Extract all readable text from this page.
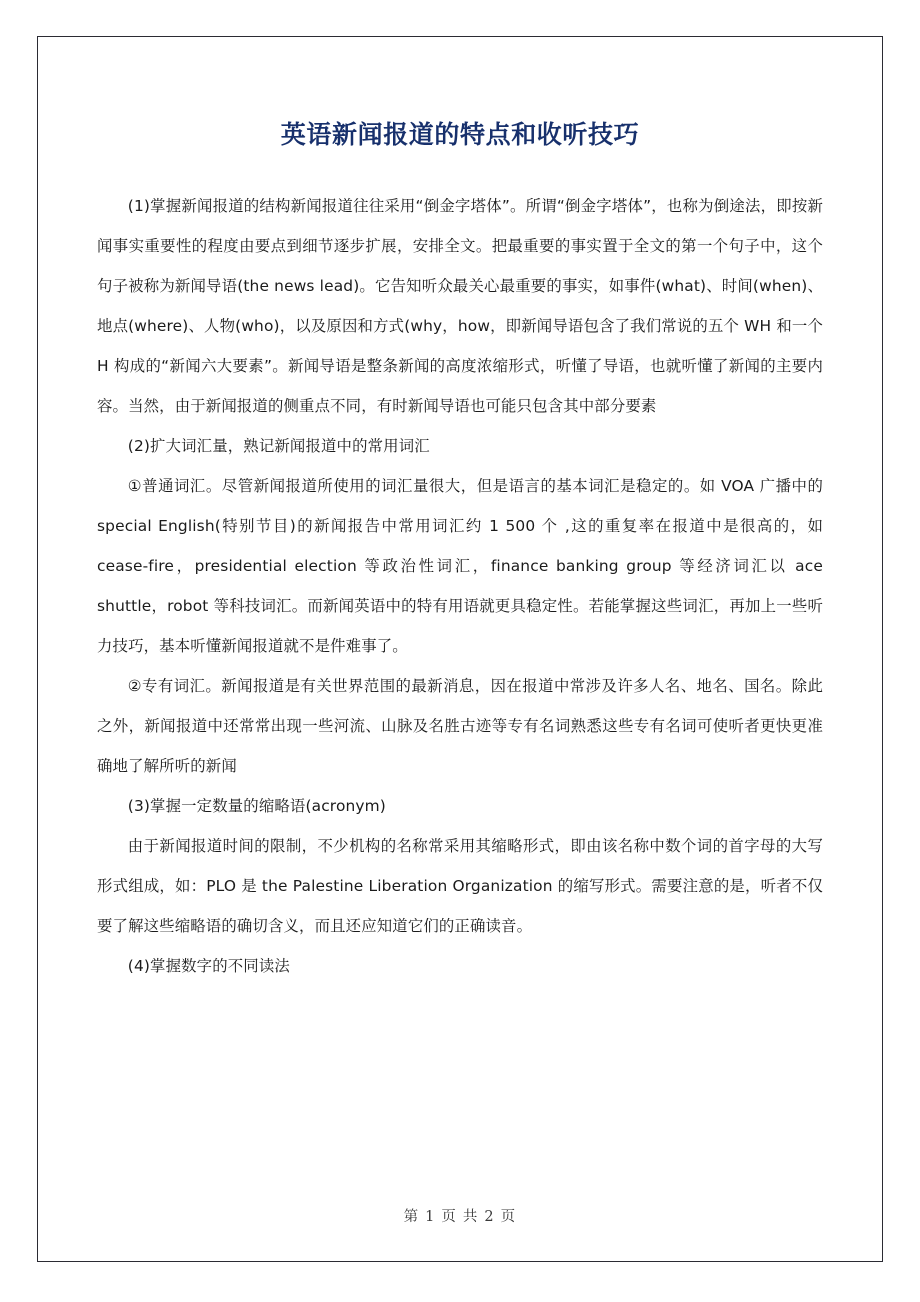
英语新闻报道的特点和收听技巧

(1)掌握新闻报道的结构新闻报道往往采用“倒金字塔体”。所谓“倒金字塔体”，也称为倒途法，即按新闻事实重要性的程度由要点到细节逐步扩展，安排全文。把最重要的事实置于全文的第一个句子中，这个句子被称为新闻导语(the news lead)。它告知听众最关心最重要的事实，如事件(what)、时间(when)、地点(where)、人物(who)，以及原因和方式(why，how，即新闻导语包含了我们常说的五个 WH 和一个 H 构成的“新闻六大要素”。新闻导语是整条新闻的高度浓缩形式，听懂了导语，也就听懂了新闻的主要内容。当然，由于新闻报道的侧重点不同，有时新闻导语也可能只包含其中部分要素

(2)扩大词汇量，熟记新闻报道中的常用词汇

①普通词汇。尽管新闻报道所使用的词汇量很大，但是语言的基本词汇是稳定的。如 VOA 广播中的 special English(特别节目)的新闻报告中常用词汇约 1 500 个 ,这的重复率在报道中是很高的，如 cease-fire，presidential election 等政治性词汇，finance banking group 等经济词汇以 ace shuttle，robot 等科技词汇。而新闻英语中的特有用语就更具稳定性。若能掌握这些词汇，再加上一些听力技巧，基本听懂新闻报道就不是件难事了。

②专有词汇。新闻报道是有关世界范围的最新消息，因在报道中常涉及许多人名、地名、国名。除此之外，新闻报道中还常常出现一些河流、山脉及名胜古迹等专有名词熟悉这些专有名词可使听者更快更准确地了解所听的新闻

(3)掌握一定数量的缩略语(acronym)

由于新闻报道时间的限制，不少机构的名称常采用其缩略形式，即由该名称中数个词的首字母的大写形式组成，如：PLO 是 the Palestine Liberation Organization 的缩写形式。需要注意的是，听者不仅要了解这些缩略语的确切含义，而且还应知道它们的正确读音。

(4)掌握数字的不同读法

第 1 页 共 2 页
